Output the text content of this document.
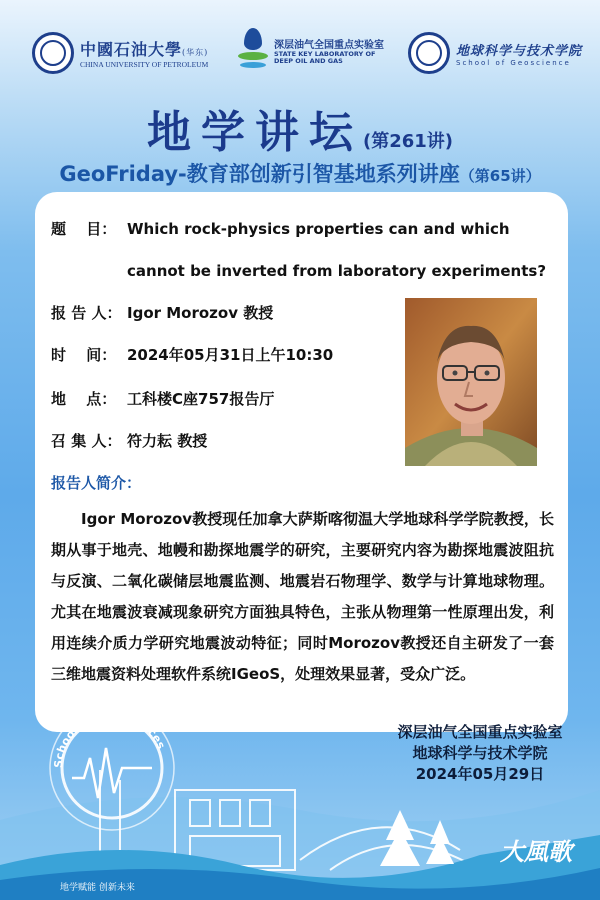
中國石油大學(华东)
CHINA UNIVERSITY OF PETROLEUM
深层油气全国重点实验室
STATE KEY LABORATORY OF
DEEP OIL AND GAS
地球科学与技术学院
School of Geoscience
地学讲坛(第261讲)
GeoFriday-教育部创新引智基地系列讲座（第65讲）
题　 目： Which rock-physics properties can and which
cannot be inverted from laboratory experiments?
报 告 人： Igor Morozov 教授
时　 间： 2024年05月31日上午10:30
地　 点： 工科楼C座757报告厅
召 集 人： 符力耘 教授
报告人简介：
Igor Morozov教授现任加拿大萨斯喀彻温大学地球科学学院教授，长期从事于地壳、地幔和勘探地震学的研究，主要研究内容为勘探地震波阻抗与反演、二氧化碳储层地震监测、地震岩石物理学、数学与计算地球物理。尤其在地震波衰减现象研究方面独具特色，主张从物理第一性原理出发，利用连续介质力学研究地震波动特征；同时Morozov教授还自主研发了一套三维地震资料处理软件系统IGeoS，处理效果显著，受众广泛。
大風歌
地学赋能 创新未来
School of Geosciences
深层油气全国重点实验室
地球科学与技术学院
2024年05月29日
